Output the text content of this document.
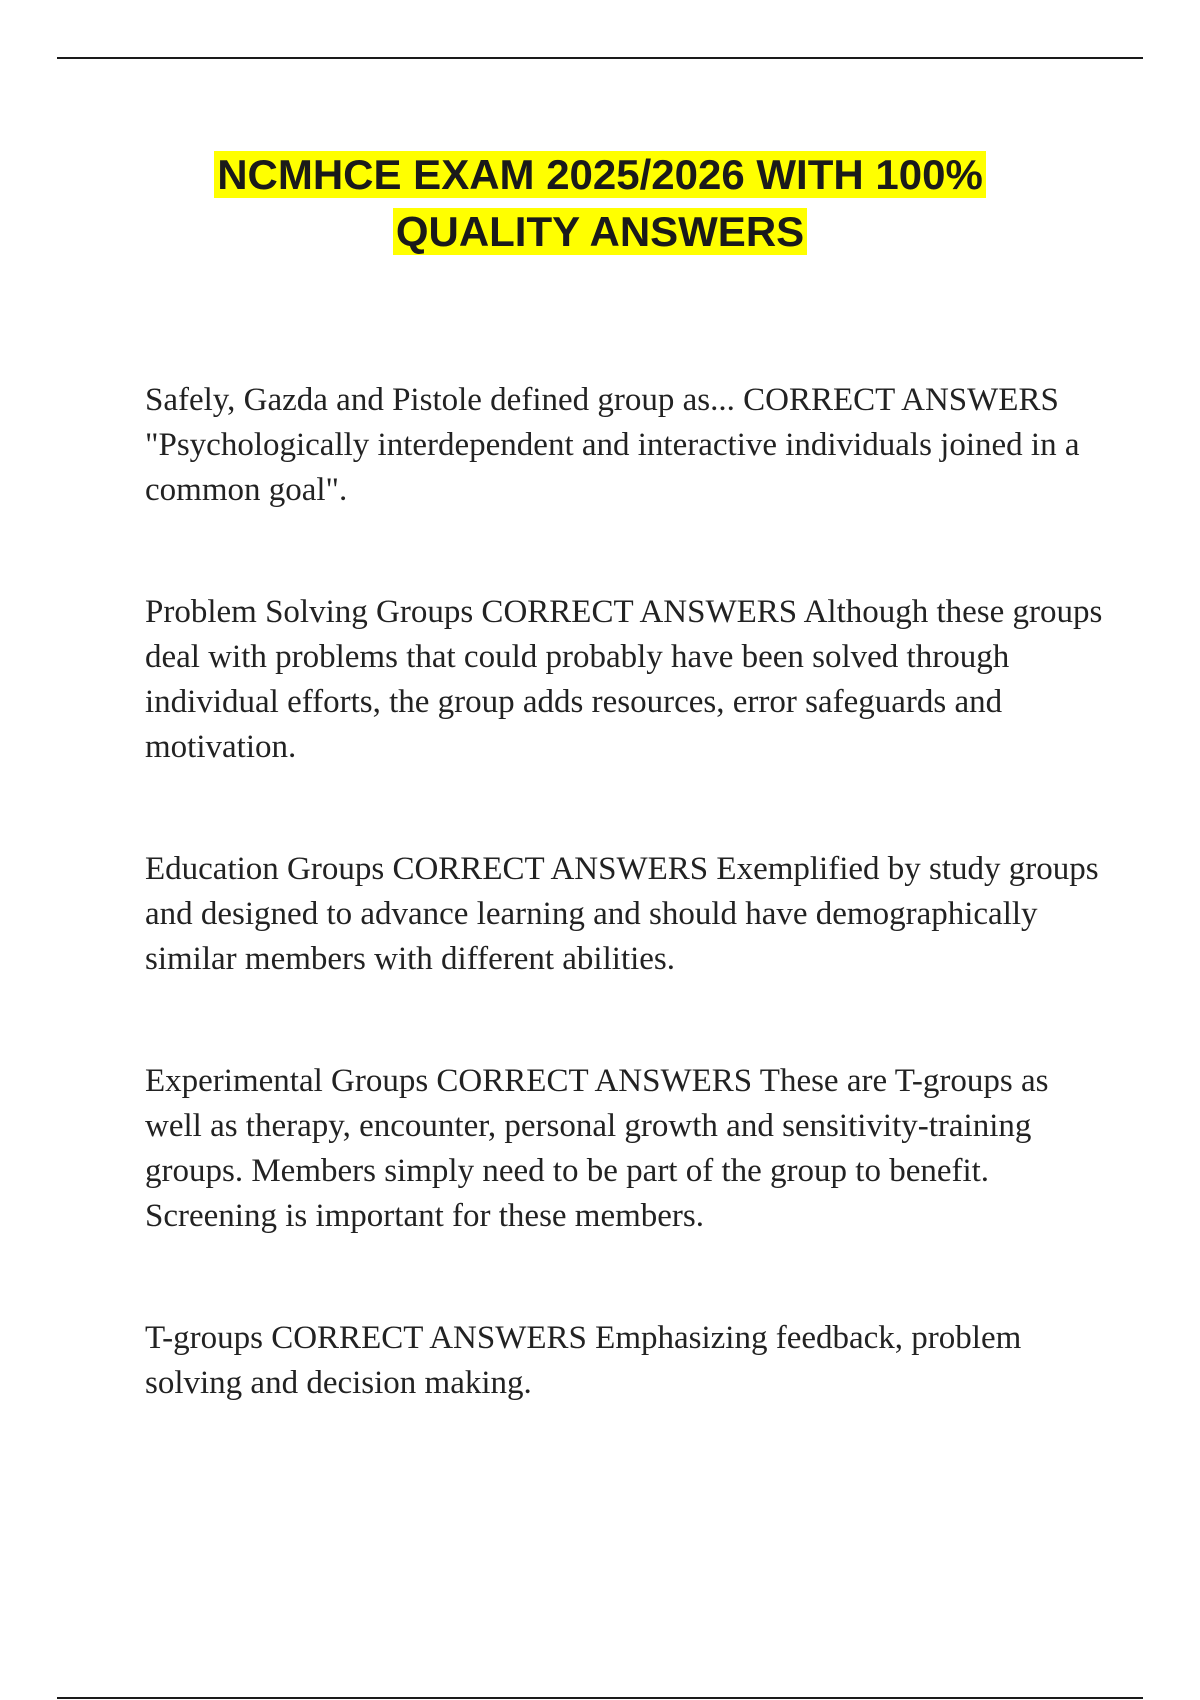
NCMHCE EXAM 2025/2026 WITH 100%
QUALITY ANSWERS

Safely, Gazda and Pistole defined group as... CORRECT ANSWERS "Psychologically interdependent and interactive individuals joined in a common goal".

Problem Solving Groups CORRECT ANSWERS Although these groups deal with problems that could probably have been solved through individual efforts, the group adds resources, error safeguards and motivation.

Education Groups CORRECT ANSWERS Exemplified by study groups and designed to advance learning and should have demographically similar members with different abilities.

Experimental Groups CORRECT ANSWERS These are T-groups as well as therapy, encounter, personal growth and sensitivity-training groups. Members simply need to be part of the group to benefit. Screening is important for these members.

T-groups CORRECT ANSWERS Emphasizing feedback, problem solving and decision making.
